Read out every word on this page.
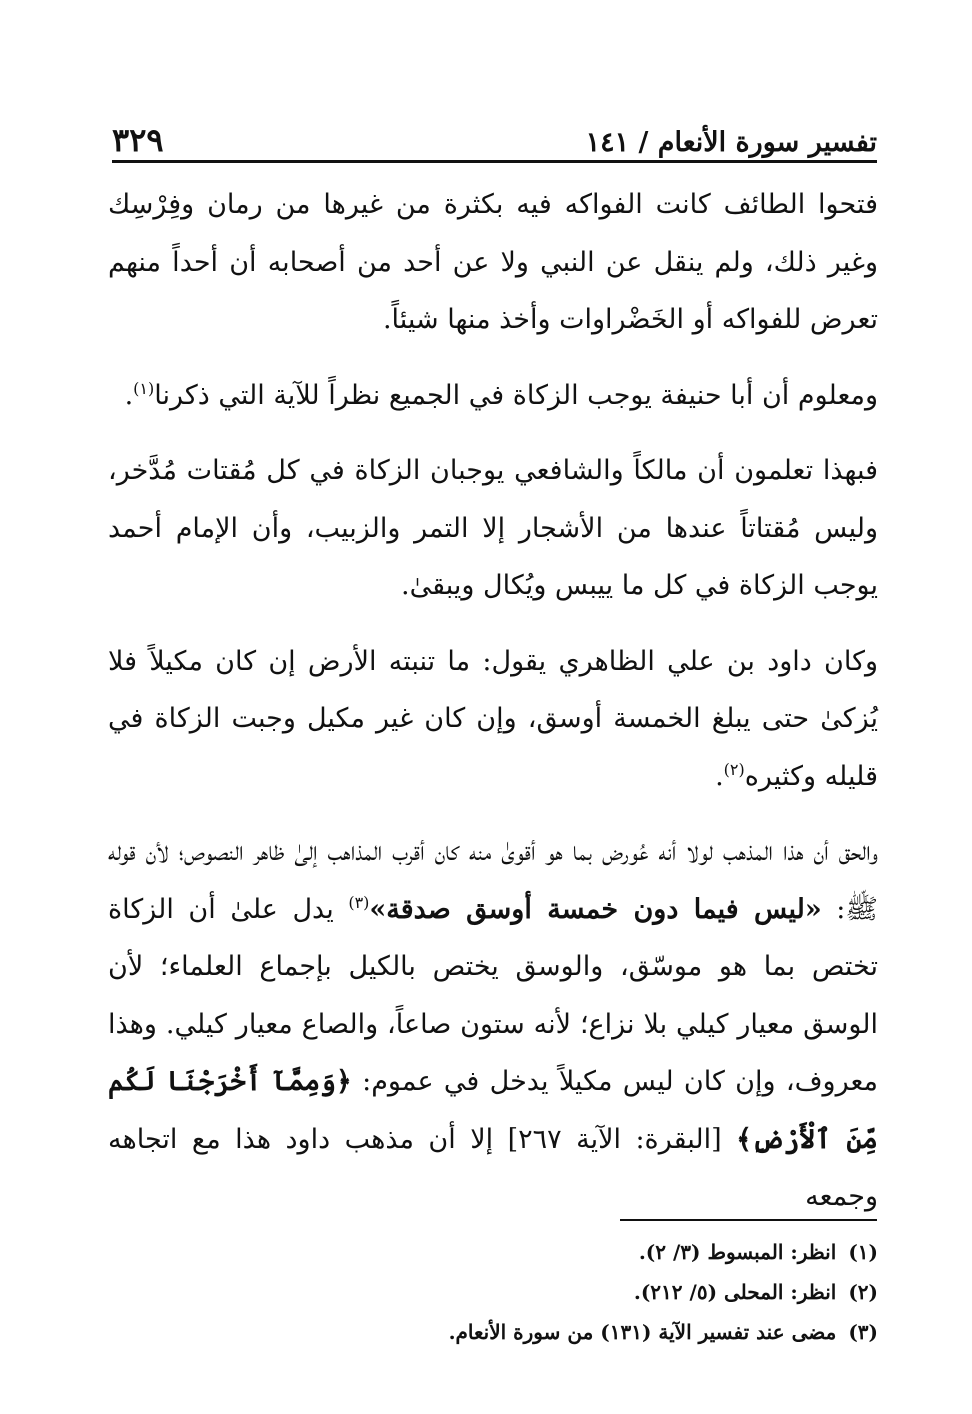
تفسير سورة الأنعام / ١٤١
٣٢٩

فتحوا الطائف كانت الفواكه فيه بكثرة من غيرها من رمان وفِرْسِك وغير ذلك، ولم ينقل عن النبي ولا عن أحد من أصحابه أن أحداً منهم تعرض للفواكه أو الخَضْراوات وأخذ منها شيئاً.

ومعلوم أن أبا حنيفة يوجب الزكاة في الجميع نظراً للآية التي ذكرنا$^{(١)}$.

فبهذا تعلمون أن مالكاً والشافعي يوجبان الزكاة في كل مُقتات مُدَّخر، وليس مُقتاتاً عندها من الأشجار إلا التمر والزبيب، وأن الإمام أحمد يوجب الزكاة في كل ما ييبس ويُكال ويبقىٰ.

وكان داود بن علي الظاهري يقول: ما تنبته الأرض إن كان مكيلاً فلا يُزكىٰ حتى يبلغ الخمسة أوسق، وإن كان غير مكيل وجبت الزكاة في قليله وكثيره$^{(٢)}$.

والحق أن هذا المذهب لولا أنه عُورض بما هو أقوىٰ منه كان أقرب المذاهب إلىٰ ظاهر النصوص؛ لأن قوله ﷺ: «ليس فيما دون خمسة أوسق صدقة»$^{(٣)}$ يدل علىٰ أن الزكاة تختص بما هو موسّق، والوسق يختص بالكيل بإجماع العلماء؛ لأن الوسق معيار كيلي بلا نزاع؛ لأنه ستون صاعاً، والصاع معيار كيلي. وهذا معروف، وإن كان ليس مكيلاً يدخل في عموم: ﴿وَمِمَّآ أَخْرَجْنَا لَكُم مِّنَ ٱلْأَرْضِ﴾ [البقرة: الآية ٢٦٧] إلا أن مذهب داود هذا مع اتجاهه وجمعه

(١)
انظر: المبسوط (٣/ ٢).
(٢)
انظر: المحلى (٥/ ٢١٢).
(٣)
مضى عند تفسير الآية (١٣١) من سورة الأنعام.
